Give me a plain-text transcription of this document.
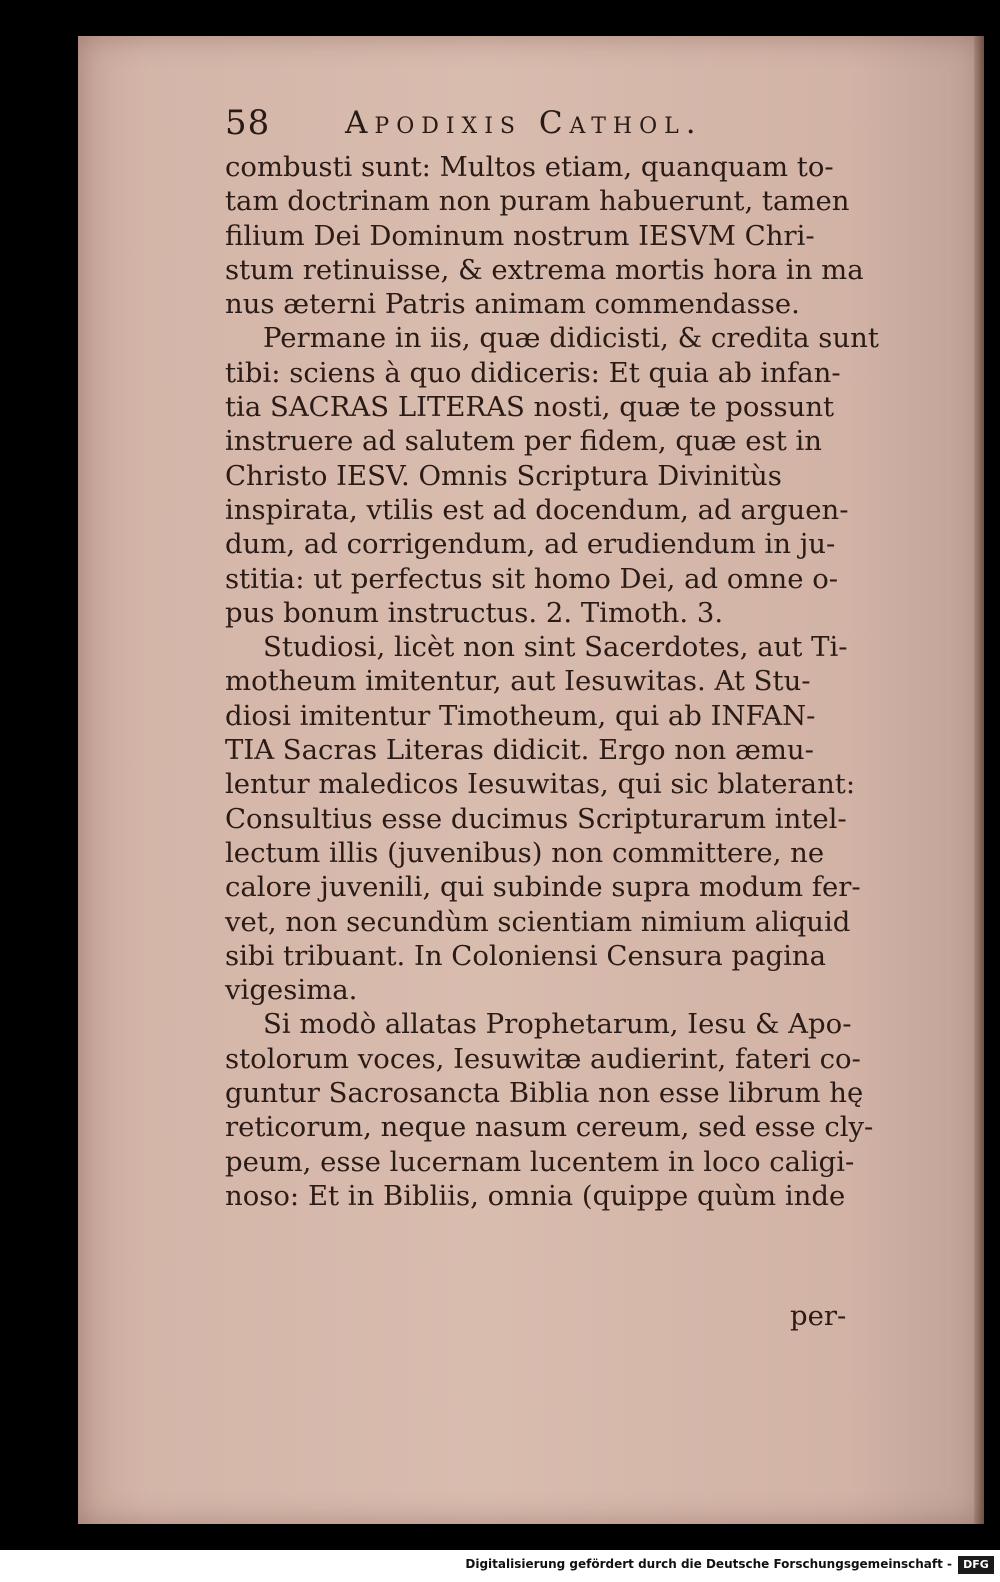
58 Apodixis Cathol.
combusti sunt: Multos etiam, quanquam to-
tam doctrinam non puram habuerunt, tamen
filium Dei Dominum nostrum IESVM Chri-
stum retinuisse, & extrema mortis hora in ma
nus æterni Patris animam commendasse.
Permane in iis, quæ didicisti, & credita sunt
tibi: sciens à quo didiceris: Et quia ab infan-
tia SACRAS LITERAS nosti, quæ te possunt
instruere ad salutem per fidem, quæ est in
Christo IESV. Omnis Scriptura Divinitùs
inspirata, vtilis est ad docendum, ad arguen-
dum, ad corrigendum, ad erudiendum in ju-
stitia: ut perfectus sit homo Dei, ad omne o-
pus bonum instructus. 2. Timoth. 3.
Studiosi, licèt non sint Sacerdotes, aut Ti-
motheum imitentur, aut Iesuwitas. At Stu-
diosi imitentur Timotheum, qui ab INFAN-
TIA Sacras Literas didicit. Ergo non æmu-
lentur maledicos Iesuwitas, qui sic blaterant:
Consultius esse ducimus Scripturarum intel-
lectum illis (juvenibus) non committere, ne
calore juvenili, qui subinde supra modum fer-
vet, non secundùm scientiam nimium aliquid
sibi tribuant. In Coloniensi Censura pagina
vigesima.
Si modò allatas Prophetarum, Iesu & Apo-
stolorum voces, Iesuwitæ audierint, fateri co-
guntur Sacrosancta Biblia non esse librum hę
reticorum, neque nasum cereum, sed esse cly-
peum, esse lucernam lucentem in loco caligi-
noso: Et in Bibliis, omnia (quippe quùm inde
per-
Digitalisierung gefördert durch die Deutsche Forschungsgemeinschaft -	DFG
